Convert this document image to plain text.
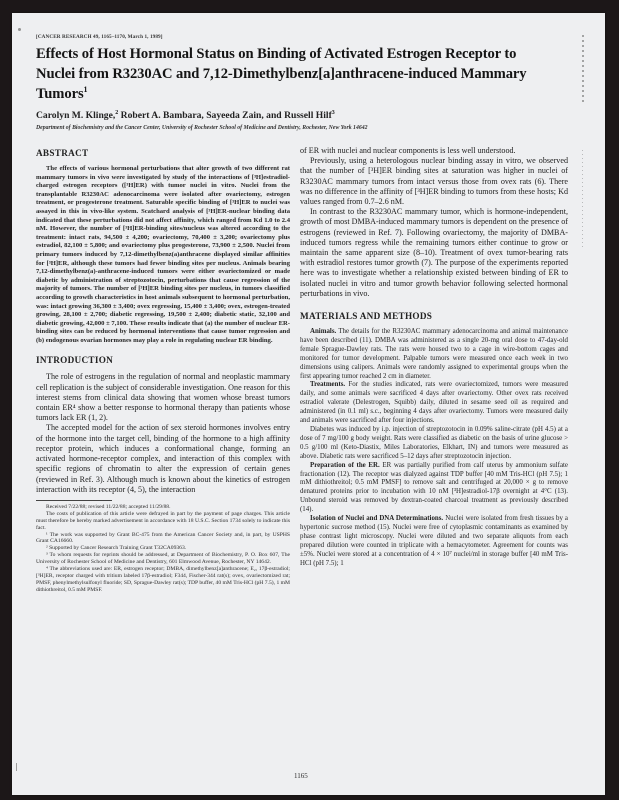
[CANCER RESEARCH 49, 1165–1170, March 1, 1989]
Effects of Host Hormonal Status on Binding of Activated Estrogen Receptor to Nuclei from R3230AC and 7,12-Dimethylbenz[a]anthracene-induced Mammary Tumors$^1$
Carolyn M. Klinge,$^2$ Robert A. Bambara, Sayeeda Zain, and Russell Hilf$^3$
Department of Biochemistry and the Cancer Center, University of Rochester School of Medicine and Dentistry, Rochester, New York 14642
ABSTRACT

The effects of various hormonal perturbations that alter growth of two different rat mammary tumors in vivo were investigated by study of the interactions of [³H]estradiol-charged estrogen receptors ([³H]ER) with tumor nuclei in vitro. Nuclei from the transplantable R3230AC adenocarcinoma were isolated after ovariectomy, estrogen treatment, or progesterone treatment. Saturable specific binding of [³H]ER to nuclei was assayed in this in vivo-like system. Scatchard analysis of [³H]ER-nuclear binding data indicated that these perturbations did not affect affinity, which ranged from Kd 1.0 to 2.4 nM. However, the number of [³H]ER-binding sites/nucleus was altered according to the treatment: intact rats, 94,500 ± 4,200; ovariectomy, 70,400 ± 3,200; ovariectomy plus estradiol, 82,100 ± 5,800; and ovariectomy plus progesterone, 73,900 ± 2,500. Nuclei from primary tumors induced by 7,12-dimethylbenz(a)anthracene displayed similar affinities for [³H]ER, although these tumors had fewer binding sites per nucleus. Animals bearing 7,12-dimethylbenz(a)-anthracene-induced tumors were either ovariectomized or made diabetic by administration of streptozotocin, perturbations that cause regression of the majority of tumors. The number of [³H]ER binding sites per nucleus, in tumors classified according to growth characteristics in host animals subsequent to hormonal perturbation, was: intact growing 36,300 ± 3,400; ovex regressing, 15,400 ± 3,400; ovex, estrogen-treated growing, 28,100 ± 2,700; diabetic regressing, 19,500 ± 2,400; diabetic static, 32,100 and diabetic growing, 42,000 ± 7,100. These results indicate that (a) the number of nuclear ER-binding sites can be reduced by hormonal interventions that cause tumor regression and (b) endogenous ovarian hormones may play a role in regulating nuclear ER binding.

INTRODUCTION

The role of estrogens in the regulation of normal and neoplastic mammary cell replication is the subject of considerable investigation. One reason for this interest stems from clinical data showing that women whose breast tumors contain ER⁴ show a better response to hormonal therapy than patients whose tumors lack ER (1, 2).

The accepted model for the action of sex steroid hormones involves entry of the hormone into the target cell, binding of the hormone to a high affinity receptor protein, which induces a conformational change, forming an activated hormone-receptor complex, and interaction of this complex with specific regions of chromatin to alter the expression of certain genes (reviewed in Ref. 3). Although much is known about the kinetics of estrogen interaction with its receptor (4, 5), the interaction

Received 7/22/88; revised 11/22/88; accepted 11/29/88.

The costs of publication of this article were defrayed in part by the payment of page charges. This article must therefore be hereby marked advertisement in accordance with 18 U.S.C. Section 1734 solely to indicate this fact.

¹ The work was supported by Grant BC-475 from the American Cancer Society and, in part, by USPHS Grant CA16660.

² Supported by Cancer Research Training Grant T32CA09363.

³ To whom requests for reprints should be addressed, at Department of Biochemistry, P. O. Box 607, The University of Rochester School of Medicine and Dentistry, 601 Elmwood Avenue, Rochester, NY 14642.

⁴ The abbreviations used are: ER, estrogen receptor; DMBA, dimethylbenz[a]anthracene; E₂, 17β-estradiol; [³H]ER, receptor charged with tritium labeled 17β-estradiol; F344, Fischer-344 rat(s); ovex, ovariectomized rat; PMSF, phenylmethylsulfonyl fluoride; SD, Sprague-Dawley rat(s); TDP buffer, 40 mM Tris-HCl (pH 7.5), 1 mM dithiothreitol, 0.5 mM PMSF.

of ER with nuclei and nuclear components is less well understood.

Previously, using a heterologous nuclear binding assay in vitro, we observed that the number of [³H]ER binding sites at saturation was higher in nuclei of R3230AC mammary tumors from intact versus those from ovex rats (6). There was no difference in the affinity of [³H]ER binding to tumors from these hosts; Kd values ranged from 0.7–2.6 nM.

In contrast to the R3230AC mammary tumor, which is hormone-independent, growth of most DMBA-induced mammary tumors is dependent on the presence of estrogens (reviewed in Ref. 7). Following ovariectomy, the majority of DMBA-induced tumors regress while the remaining tumors either continue to grow or maintain the same apparent size (8–10). Treatment of ovex tumor-bearing rats with estradiol restores tumor growth (7). The purpose of the experiments reported here was to investigate whether a relationship existed between binding of ER to isolated nuclei in vitro and tumor growth behavior following selected hormonal perturbations in vivo.

MATERIALS AND METHODS

Animals. The details for the R3230AC mammary adenocarcinoma and animal maintenance have been described (11). DMBA was administered as a single 20-mg oral dose to 47-day-old female Sprague-Dawley rats. The rats were housed two to a cage in wire-bottom cages and monitored for tumor development. Palpable tumors were measured once each week in two dimensions using calipers. Animals were randomly assigned to experimental groups when the first appearing tumor reached 2 cm in diameter.

Treatments. For the studies indicated, rats were ovariectomized, tumors were measured daily, and some animals were sacrificed 4 days after ovariectomy. Other ovex rats received estradiol valerate (Delestrogen, Squibb) daily, diluted in sesame seed oil as required and administered (in 0.1 ml) s.c., beginning 4 days after ovariectomy. Tumors were measured daily and animals were sacrificed after four injections.

Diabetes was induced by i.p. injection of streptozotocin in 0.09% saline-citrate (pH 4.5) at a dose of 7 mg/100 g body weight. Rats were classified as diabetic on the basis of urine glucose > 0.5 g/100 ml (Keto-Diastix, Miles Laboratories, Elkhart, IN) and tumors were measured as above. Diabetic rats were sacrificed 5–12 days after streptozotocin injection.

Preparation of the ER. ER was partially purified from calf uterus by ammonium sulfate fractionation (12). The receptor was dialyzed against TDP buffer [40 mM Tris-HCl (pH 7.5); 1 mM dithiothreitol; 0.5 mM PMSF] to remove salt and centrifuged at 20,000 × g to remove denatured proteins prior to incubation with 10 nM [³H]estradiol-17β overnight at 4°C (13). Unbound steroid was removed by dextran-coated charcoal treatment as previously described (14).

Isolation of Nuclei and DNA Determinations. Nuclei were isolated from fresh tissues by a hypertonic sucrose method (15). Nuclei were free of cytoplasmic contaminants as examined by phase contrast light microscopy. Nuclei were diluted and two separate aliquots from each prepared dilution were counted in triplicate with a hemacytometer. Agreement for counts was ±5%. Nuclei were stored at a concentration of 4 × 10⁷ nuclei/ml in storage buffer [40 mM Tris-HCl (pH 7.5); 1

1165
